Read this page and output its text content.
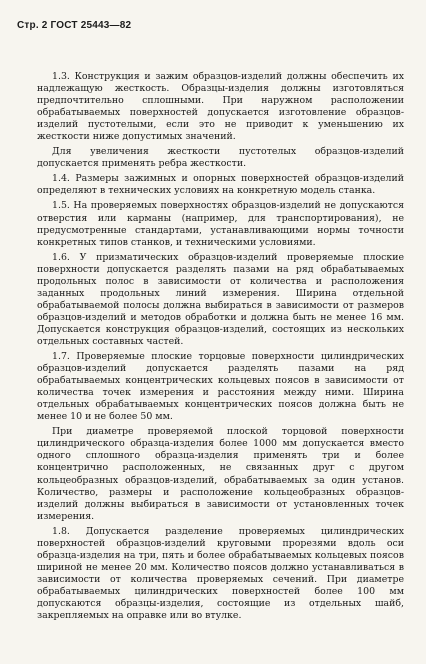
Стр. 2 ГОСТ 25443—82

1.3. Конструкция и зажим образцов-изделий должны обеспечить их надлежащую жесткость. Образцы-изделия должны изготовляться предпочтительно сплошными. При наружном расположении обрабатываемых поверхностей допускается изготовление образцов-изделий пустотелыми, если это не приводит к уменьшению их жесткости ниже допустимых значений.

Для увеличения жесткости пустотелых образцов-изделий допускается применять ребра жесткости.

1.4. Размеры зажимных и опорных поверхностей образцов-изделий определяют в технических условиях на конкретную модель станка.

1.5. На проверяемых поверхностях образцов-изделий не допускаются отверстия или карманы (например, для транспортирования), не предусмотренные стандартами, устанавливающими нормы точности конкретных типов станков, и техническими условиями.

1.6. У призматических образцов-изделий проверяемые плоские поверхности допускается разделять пазами на ряд обрабатываемых продольных полос в зависимости от количества и расположения заданных продольных линий измерения. Ширина отдельной обрабатываемой полосы должна выбираться в зависимости от размеров образцов-изделий и методов обработки и должна быть не менее 16 мм. Допускается конструкция образцов-изделий, состоящих из нескольких отдельных составных частей.

1.7. Проверяемые плоские торцовые поверхности цилиндрических образцов-изделий допускается разделять пазами на ряд обрабатываемых концентрических кольцевых поясов в зависимости от количества точек измерения и расстояния между ними. Ширина отдельных обрабатываемых концентрических поясов должна быть не менее 10 и не более 50 мм.

При диаметре проверяемой плоской торцовой поверхности цилиндрического образца-изделия более 1000 мм допускается вместо одного сплошного образца-изделия применять три и более концентрично расположенных, не связанных друг с другом кольцеобразных образцов-изделий, обрабатываемых за один установ. Количество, размеры и расположение кольцеобразных образцов-изделий должны выбираться в зависимости от установленных точек измерения.

1.8. Допускается разделение проверяемых цилиндрических поверхностей образцов-изделий круговыми прорезями вдоль оси образца-изделия на три, пять и более обрабатываемых кольцевых поясов шириной не менее 20 мм. Количество поясов должно устанавливаться в зависимости от количества проверяемых сечений. При диаметре обрабатываемых цилиндрических поверхностей более 100 мм допускаются образцы-изделия, состоящие из отдельных шайб, закрепляемых на оправке или во втулке.
